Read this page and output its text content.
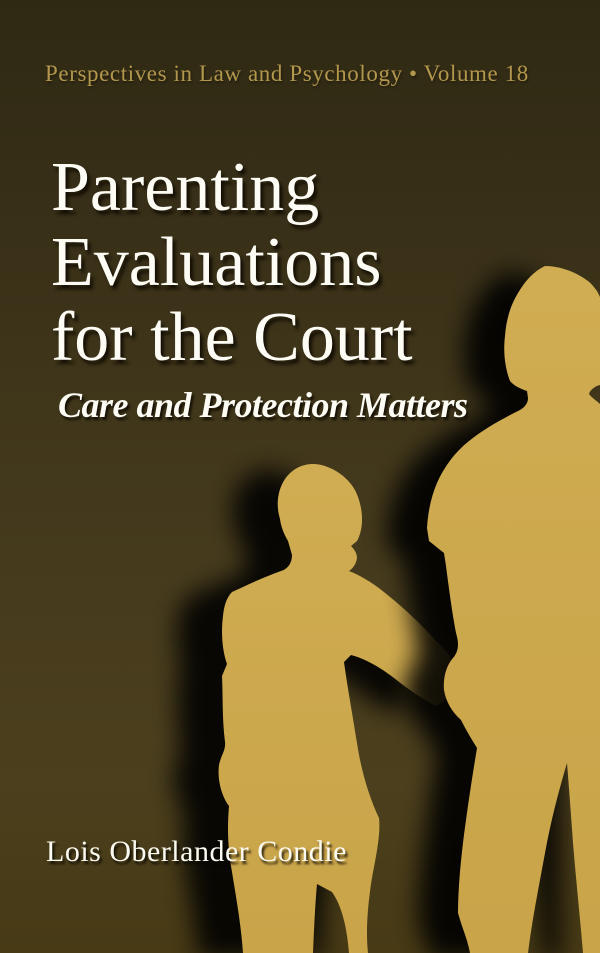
Perspectives in Law and Psychology • Volume 18
Parenting
Evaluations
for the Court
Care and Protection Matters
Lois Oberlander Condie
